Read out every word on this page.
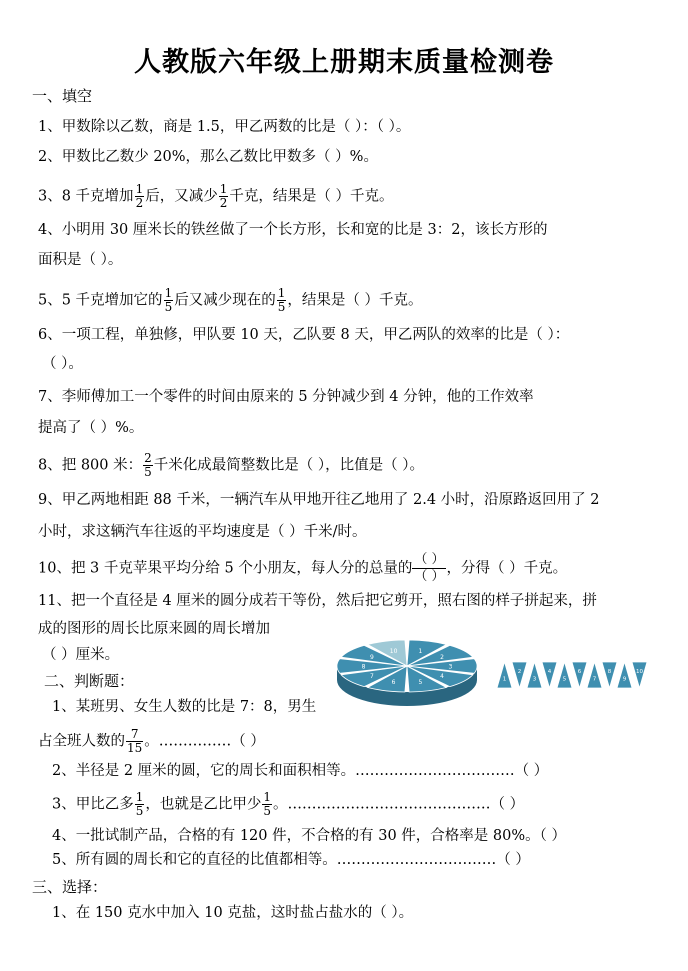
人教版六年级上册期末质量检测卷
一、填空
1、甲数除以乙数，商是 1.5，甲乙两数的比是（ ）：（ ）。
2、甲数比乙数少 20%，那么乙数比甲数多（ ）%。
3、8 千克增加 $\frac{1}{2}$ 后，又减少 $\frac{1}{2}$ 千克，结果是（ ）千克。
4、小明用 30 厘米长的铁丝做了一个长方形，长和宽的比是 3：2，该长方形的
面积是（ ）。
5、5 千克增加它的 $\frac{1}{5}$ 后又减少现在的 $\frac{1}{5}$ ，结果是（ ）千克。
6、一项工程，单独修，甲队要 10 天，乙队要 8 天，甲乙两队的效率的比是（ ）：
（ ）。
7、李师傅加工一个零件的时间由原来的 5 分钟减少到 4 分钟，他的工作效率
提高了（ ）%。
8、把 800 米： $\frac{2}{5}$ 千米化成最简整数比是（ ），比值是（ ）。
9、甲乙两地相距 88 千米，一辆汽车从甲地开往乙地用了 2.4 小时，沿原路返回用了 2
小时，求这辆汽车往返的平均速度是（ ）千米/时。
10、把 3 千克苹果平均分给 5 个小朋友，每人分的总量的
（ ）
（ ） ，分得（ ）千克。
11、把一个直径是 4 厘米的圆分成若干等份，然后把它剪开，照右图的样子拼起来，拼
成的图形的周长比原来圆的周长增加
（ ）厘米。
二、判断题：
1、某班男、女生人数的比是 7：8，男生
占全班人数的 $\frac{7}{15}$ 。……………（ ）
2、半径是 2 厘米的圆，它的周长和面积相等。……………………………（ ）
3、甲比乙多 $\frac{1}{5}$ ，也就是乙比甲少 $\frac{1}{5}$ 。……………………………………（ ）
4、一批试制产品，合格的有 120 件，不合格的有 30 件，合格率是 80%。（ ）
5、所有圆的周长和它的直径的比值都相等。……………………………（ ）
三、选择：
1、在 150 克水中加入 10 克盐，这时盐占盐水的（ ）。
1
2
3
4
5
6
7
8
9
10
1
2
3
4
5
6
7
8
9
10
